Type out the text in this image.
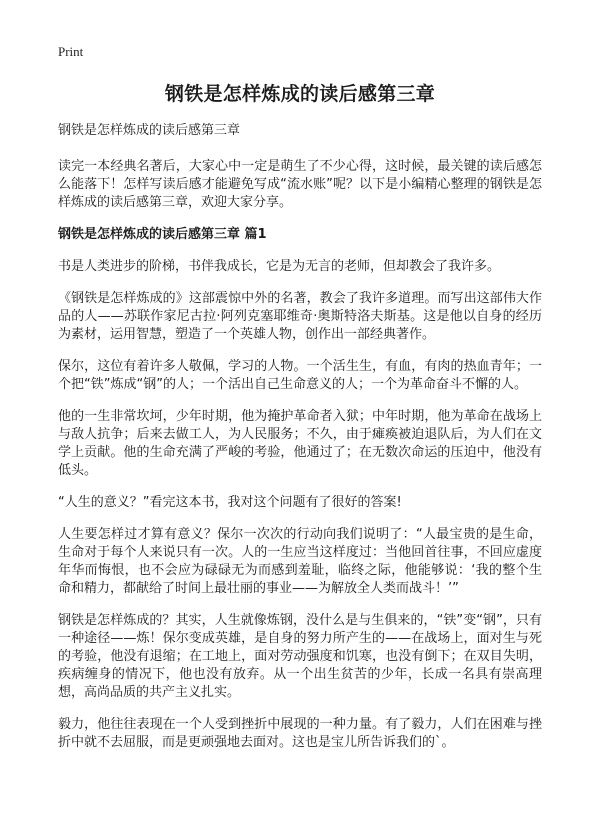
Print
钢铁是怎样炼成的读后感第三章
钢铁是怎样炼成的读后感第三章
读完一本经典名著后，大家心中一定是萌生了不少心得，这时候，最关键的读后感怎么能落下！怎样写读后感才能避免写成“流水账”呢？以下是小编精心整理的钢铁是怎样炼成的读后感第三章，欢迎大家分享。
钢铁是怎样炼成的读后感第三章 篇1
书是人类进步的阶梯，书伴我成长，它是为无言的老师，但却教会了我许多。
《钢铁是怎样炼成的》这部震惊中外的名著，教会了我许多道理。而写出这部伟大作品的人——苏联作家尼古拉·阿列克塞耶维奇·奥斯特洛夫斯基。这是他以自身的经历为素材，运用智慧，塑造了一个英雄人物，创作出一部经典著作。
保尔，这位有着许多人敬佩，学习的人物。一个活生生，有血，有肉的热血青年；一个把“铁”炼成“钢”的人；一个活出自己生命意义的人；一个为革命奋斗不懈的人。
他的一生非常坎坷，少年时期，他为掩护革命者入狱；中年时期，他为革命在战场上与敌人抗争；后来去做工人，为人民服务；不久，由于瘫痪被迫退队后，为人们在文学上贡献。他的生命充满了严峻的考验，他通过了；在无数次命运的压迫中，他没有低头。
“人生的意义？”看完这本书，我对这个问题有了很好的答案!
人生要怎样过才算有意义？保尔一次次的行动向我们说明了：“人最宝贵的是生命，生命对于每个人来说只有一次。人的一生应当这样度过：当他回首往事，不回应虚度年华而悔恨，也不会应为碌碌无为而感到羞耻，临终之际，他能够说：‘我的整个生命和精力，都献给了时间上最壮丽的事业——为解放全人类而战斗！’”
钢铁是怎样炼成的？其实，人生就像炼钢，没什么是与生俱来的，“铁”变“钢”，只有一种途径——炼！保尔变成英雄，是自身的努力所产生的——在战场上，面对生与死的考验，他没有退缩；在工地上，面对劳动强度和饥寒，也没有倒下；在双目失明，疾病缠身的情况下，他也没有放弃。从一个出生贫苦的少年，长成一名具有崇高理想，高尚品质的共产主义扎实。
毅力，他往往表现在一个人受到挫折中展现的一种力量。有了毅力，人们在困难与挫折中就不去屈服，而是更顽强地去面对。这也是宝儿所告诉我们的`。
